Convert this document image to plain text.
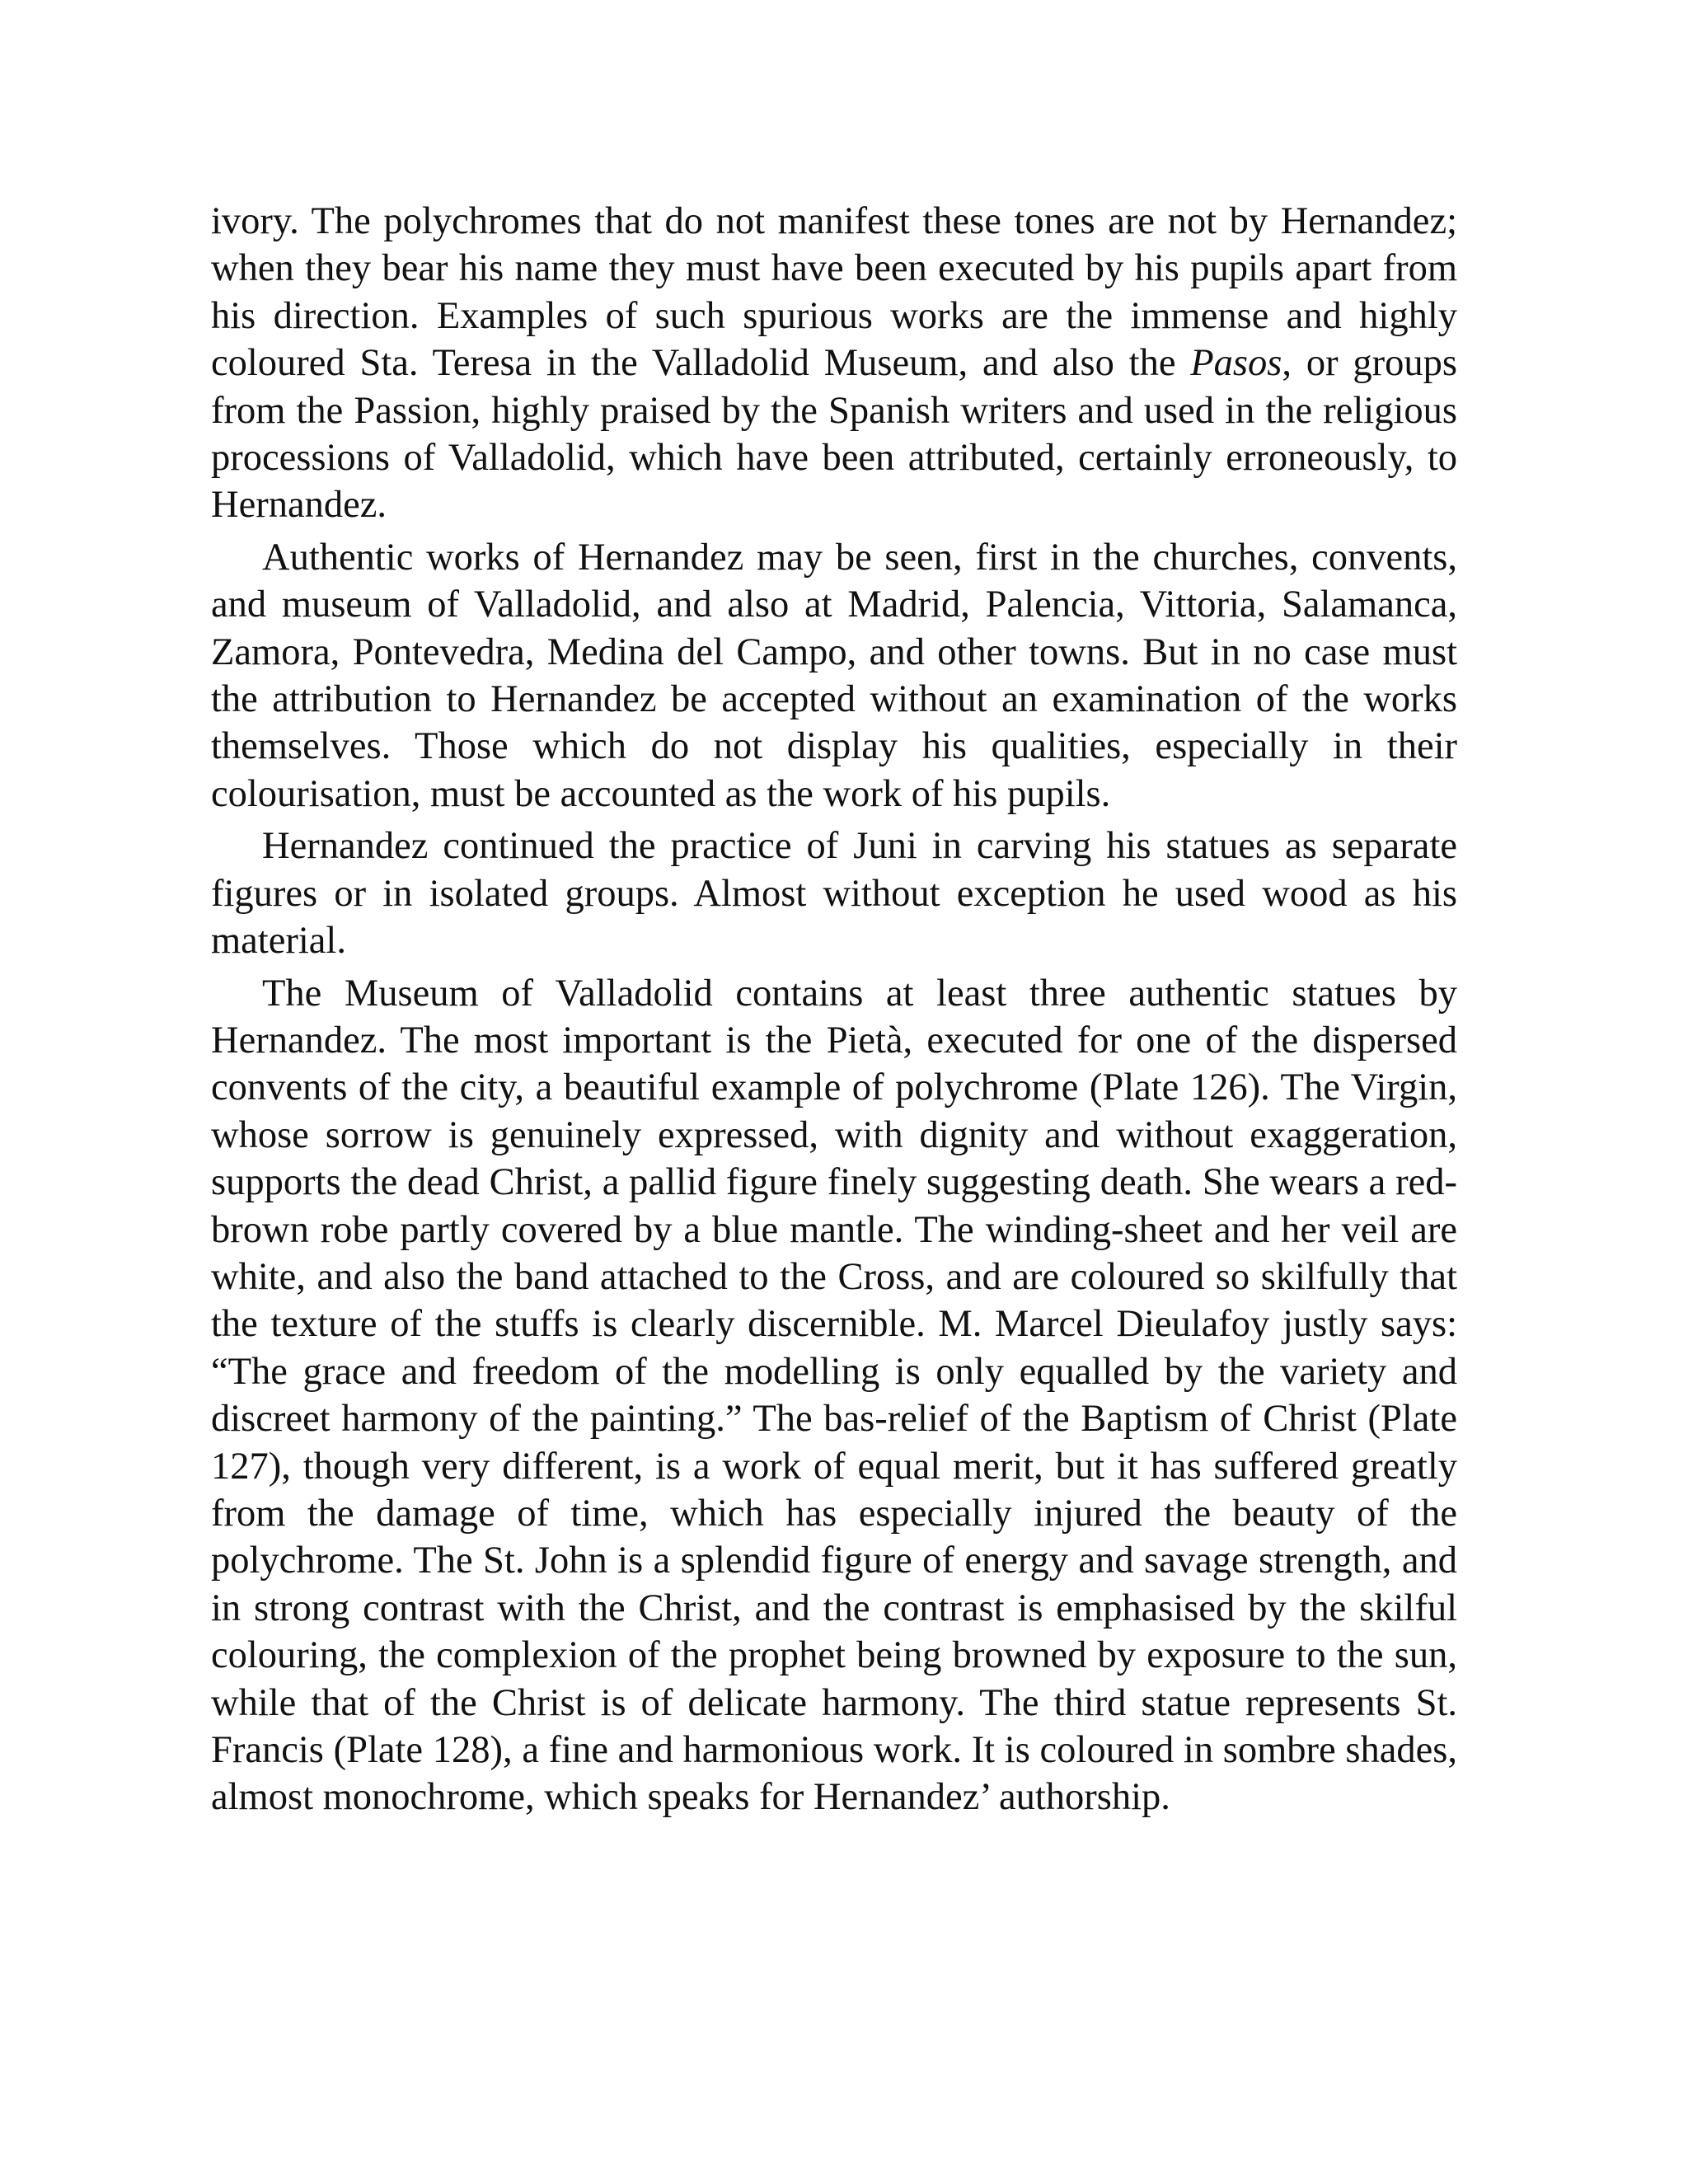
ivory. The polychromes that do not manifest these tones are not by Hernandez; when they bear his name they must have been executed by his pupils apart from his direction. Examples of such spurious works are the immense and highly coloured Sta. Teresa in the Valladolid Museum, and also the Pasos, or groups from the Passion, highly praised by the Spanish writers and used in the religious processions of Valladolid, which have been attributed, certainly erroneously, to Hernandez.

Authentic works of Hernandez may be seen, first in the churches, convents, and museum of Valladolid, and also at Madrid, Palencia, Vittoria, Salamanca, Zamora, Pontevedra, Medina del Campo, and other towns. But in no case must the attribution to Hernandez be accepted without an examination of the works themselves. Those which do not display his qualities, especially in their colourisation, must be accounted as the work of his pupils.

Hernandez continued the practice of Juni in carving his statues as separate figures or in isolated groups. Almost without exception he used wood as his material.

The Museum of Valladolid contains at least three authentic statues by Hernandez. The most important is the Pietà, executed for one of the dispersed convents of the city, a beautiful example of polychrome (Plate 126). The Virgin, whose sorrow is genuinely expressed, with dignity and without exaggeration, supports the dead Christ, a pallid figure finely suggesting death. She wears a red-brown robe partly covered by a blue mantle. The winding-sheet and her veil are white, and also the band attached to the Cross, and are coloured so skilfully that the texture of the stuffs is clearly discernible. M. Marcel Dieulafoy justly says: “The grace and freedom of the modelling is only equalled by the variety and discreet harmony of the painting.” The bas-relief of the Baptism of Christ (Plate 127), though very different, is a work of equal merit, but it has suffered greatly from the damage of time, which has especially injured the beauty of the polychrome. The St. John is a splendid figure of energy and savage strength, and in strong contrast with the Christ, and the contrast is emphasised by the skilful colouring, the complexion of the prophet being browned by exposure to the sun, while that of the Christ is of delicate harmony. The third statue represents St. Francis (Plate 128), a fine and harmonious work. It is coloured in sombre shades, almost monochrome, which speaks for Hernandez’ authorship.
